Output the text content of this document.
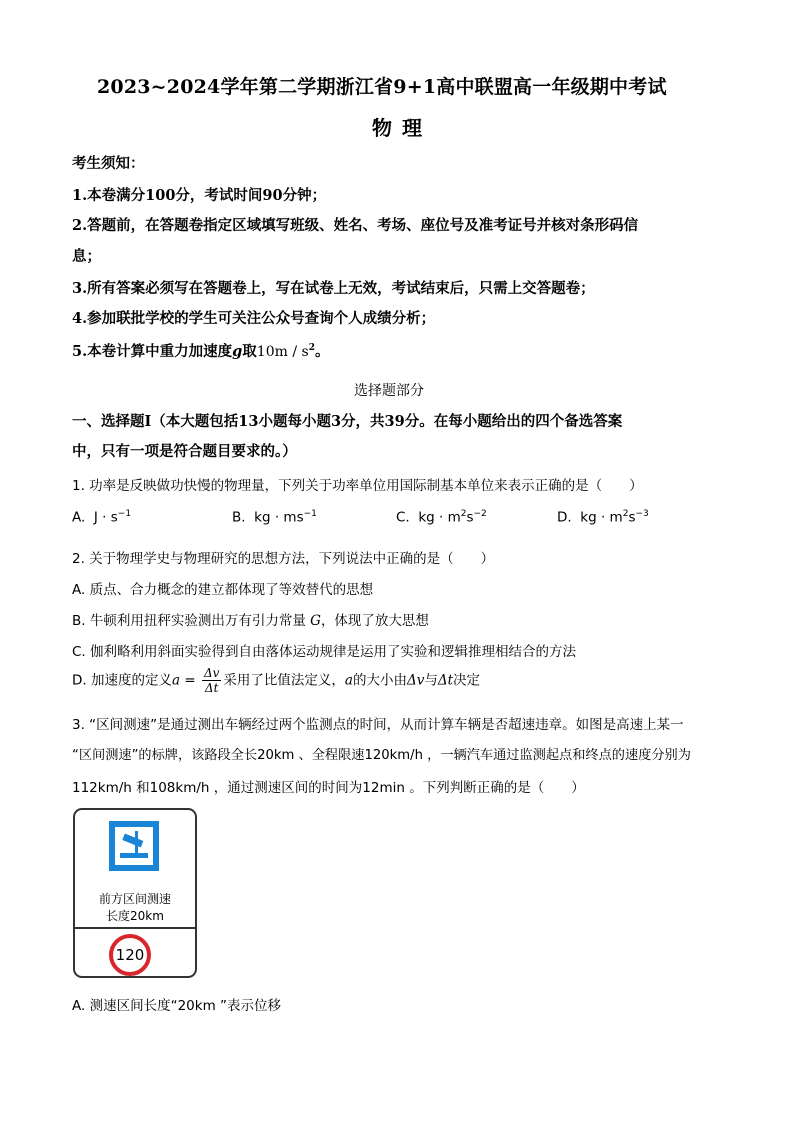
2023~2024学年第二学期浙江省9+1高中联盟高一年级期中考试
物理
考生须知：
1.本卷满分100分，考试时间90分钟；
2.答题前，在答题卷指定区域填写班级、姓名、考场、座位号及准考证号并核对条形码信
息；
3.所有答案必须写在答题卷上，写在试卷上无效，考试结束后，只需上交答题卷；
4.参加联批学校的学生可关注公众号查询个人成绩分析；
5.本卷计算中重力加速度g取$10m / s^2$。
选择题部分
一、选择题Ⅰ（本大题包括13小题每小题3分，共39分。在每小题给出的四个备选答案
中，只有一项是符合题目要求的。）
1. 功率是反映做功快慢的物理量，下列关于功率单位用国际制基本单位来表示正确的是（　　）
A. $J \cdot s^{-1}$	B. kg · $ms^{-1}$	C. kg · $m^2s^{-2}$	D. kg · $m^2s^{-3}$
2. 关于物理学史与物理研究的思想方法，下列说法中正确的是（　　）
A. 质点、合力概念的建立都体现了等效替代的思想
B. 牛顿利用扭秤实验测出万有引力常量 G，体现了放大思想
C. 伽利略利用斜面实验得到自由落体运动规律是运用了实验和逻辑推理相结合的方法
D. 加速度的定义$a = \frac{\Delta v}{\Delta t}$ 采用了比值法定义，a的大小由Δv与Δt决定
3. “区间测速”是通过测出车辆经过两个监测点的时间，从而计算车辆是否超速违章。如图是高速上某一
“区间测速”的标牌，该路段全长20km 、全程限速120km/h ，一辆汽车通过监测起点和终点的速度分别为
112km/h 和108km/h ，通过测速区间的时间为12min 。下列判断正确的是（　　）
前方区间测速
长度20km
120
A. 测速区间长度“20km ”表示位移
